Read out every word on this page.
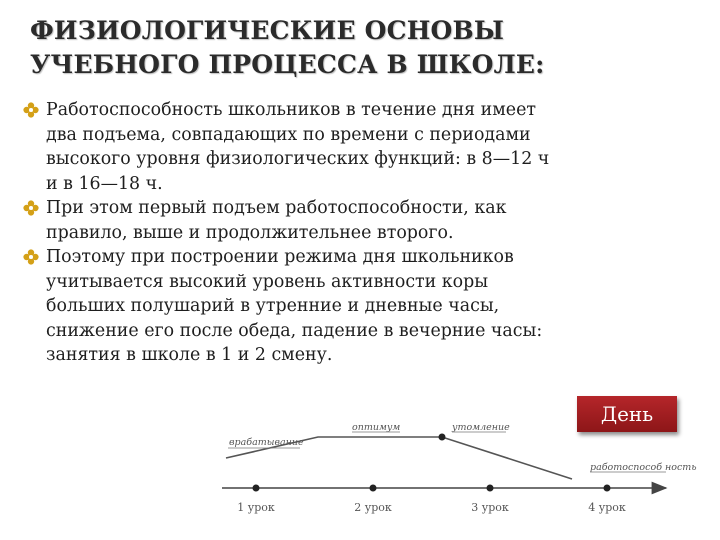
ФИЗИОЛОГИЧЕСКИЕ ОСНОВЫ
УЧЕБНОГО ПРОЦЕССА В ШКОЛЕ:
Работоспособность школьников в течение дня имеет
два подъема, совпадающих по времени с периодами
высокого уровня физиологических функций: в 8—12 ч
и в 16—18 ч.
При этом первый подъем работоспособности, как
правило, выше и продолжительнее второго.
Поэтому при построении режима дня школьников
учитывается высокий уровень активности коры
больших полушарий в утренние и дневные часы,
снижение его после обеда, падение в вечерние часы:
занятия в школе в 1 и 2 смену.
День
1 урок	2 урок	3 урок	4 урок
врабатывание
оптимум	утомление
работоспособ ность
